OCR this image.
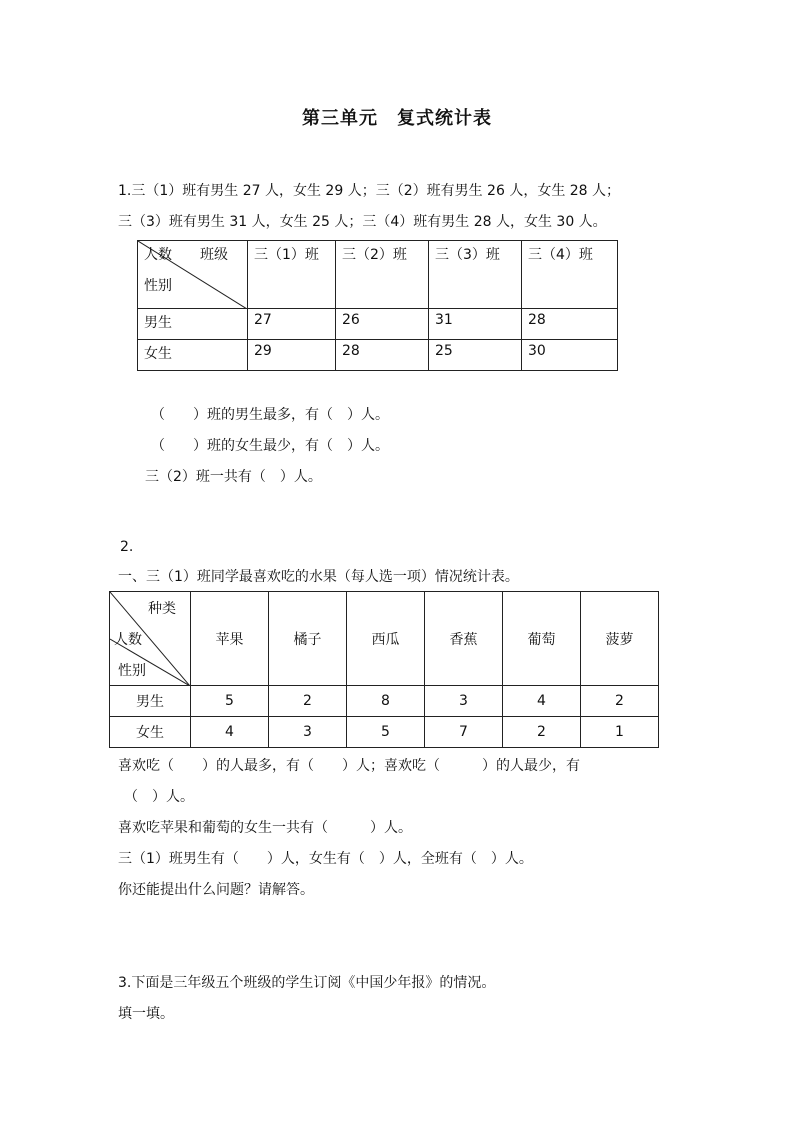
第三单元　复式统计表
1.三（1）班有男生 27 人，女生 29 人；三（2）班有男生 26 人，女生 28 人；
三（3）班有男生 31 人，女生 25 人；三（4）班有男生 28 人，女生 30 人。
人数　　班级
性别	三（1）班	三（2）班	三（3）班	三（4）班
男生	27	26	31	28
女生	29	28	25	30
（　　）班的男生最多，有（　）人。
（　　）班的女生最少，有（　）人。
三（2）班一共有（　）人。
2.
一、三（1）班同学最喜欢吃的水果（每人选一项）情况统计表。
种类
人数
性别	苹果	橘子	西瓜	香蕉	葡萄	菠萝
男生	5	2	8	3	4	2
女生	4	3	5	7	2	1
喜欢吃（　　）的人最多，有（　　）人；喜欢吃（　　　）的人最少，有
（　）人。
喜欢吃苹果和葡萄的女生一共有（　　　）人。
三（1）班男生有（　　）人，女生有（　）人，全班有（　）人。
你还能提出什么问题？请解答。
3.下面是三年级五个班级的学生订阅《中国少年报》的情况。
填一填。
